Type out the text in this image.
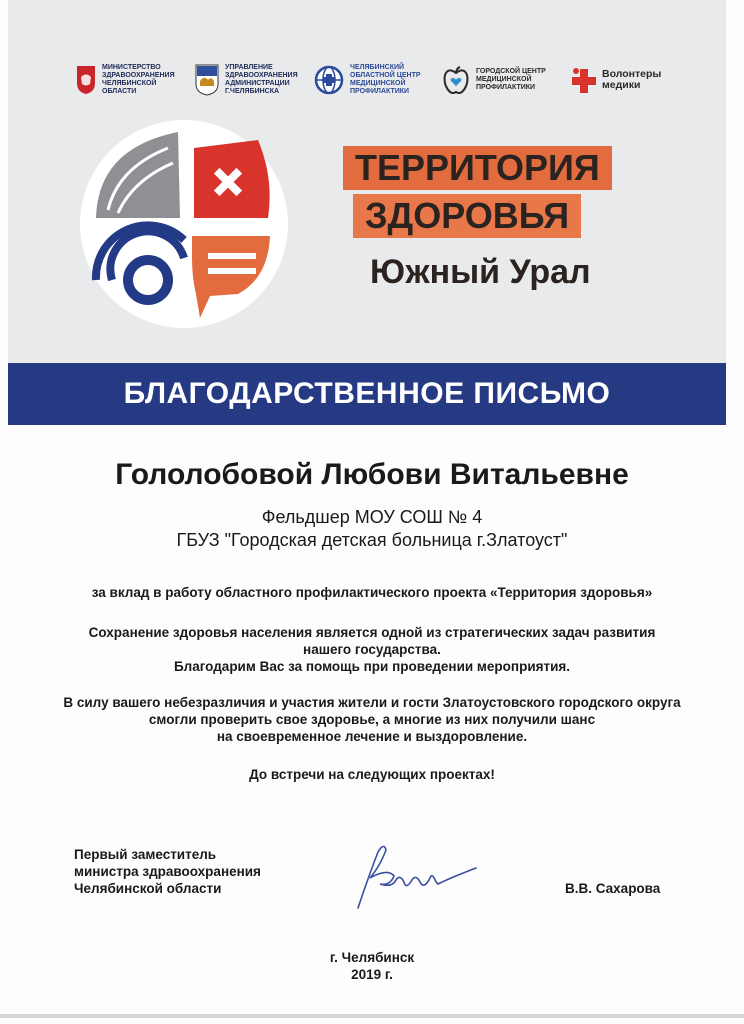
МИНИСТЕРСТВО
ЗДРАВООХРАНЕНИЯ
ЧЕЛЯБИНСКОЙ
ОБЛАСТИ
УПРАВЛЕНИЕ
ЗДРАВООХРАНЕНИЯ
АДМИНИСТРАЦИИ
Г.ЧЕЛЯБИНСКА
ЧЕЛЯБИНСКИЙ
ОБЛАСТНОЙ ЦЕНТР
МЕДИЦИНСКОЙ
ПРОФИЛАКТИКИ
ГОРОДСКОЙ ЦЕНТР
МЕДИЦИНСКОЙ
ПРОФИЛАКТИКИ
Волонтеры
медики
ТЕРРИТОРИЯ
ЗДОРОВЬЯ
Южный Урал
БЛАГОДАРСТВЕННОЕ ПИСЬМО
Гололобовой Любови Витальевне
Фельдшер МОУ СОШ № 4
ГБУЗ "Городская детская больница г.Златоуст"
за вклад в работу областного профилактического проекта «Территория здоровья»
Сохранение здоровья населения является одной из стратегических задач развития
нашего государства.
Благодарим Вас за помощь при проведении мероприятия.
В силу вашего небезразличия и участия жители и гости Златоустовского городского округа
смогли проверить свое здоровье, а многие из них получили шанс
на своевременное лечение и выздоровление.
До встречи на следующих проектах!
Первый заместитель
министра здравоохранения
Челябинской области	В.В. Сахарова
г. Челябинск
2019 г.
